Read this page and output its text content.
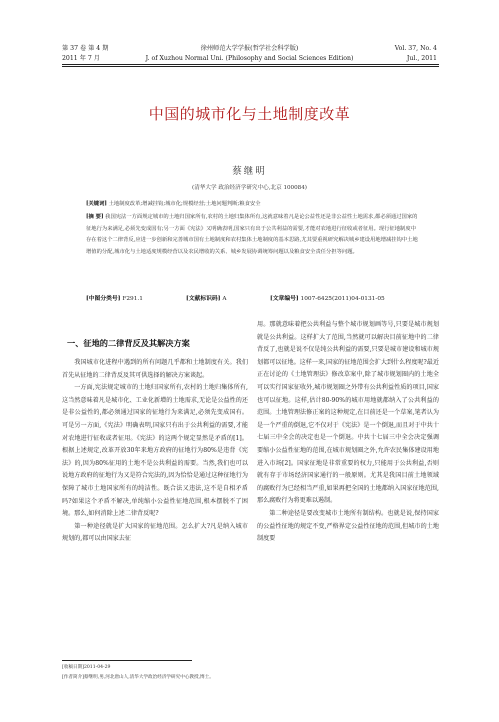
第 37 卷 第 4 期
2011 年 7 月
徐州师范大学学报(哲学社会科学版)
J. of Xuzhou Normal Uni. (Philosophy and Social Sciences Edition)
Vol. 37, No. 4
Jul., 2011
中国的城市化与土地制度改革
蔡继明
(清华大学 政治经济学研究中心,北京 100084)
[关键词] 土地制度改革;增减挂钩;城市化;规模经营;土地问题判断;粮食安全
[摘 要] 我国宪法一方面规定城市的土地归国家所有,农村的土地归集体所有,这就意味着凡是论公益性还是非公益性土地需求,都必须通过国家的征地行为来满足,必须先变成国有;另一方面《宪法》又明确表明,国家只有出于公共利益的需要,才能对农地进行征收或者征用。现行征地制度中存在着这个二律背反,应进一步创新和完善城市国有土地制度和农村集体土地制度的基本思路,尤其要重视研究解决城乡建设用地增减挂钩中土地增值的分配,城市化与土地适度规模经营以及农民增收的关系、城乡发展协调统筹问题以及粮食安全责任分担等问题。
[中图分类号] F291.1	[文献标识码] A	[文章编号] 1007-6425(2011)04-0131-05
一、征地的二律背反及其解决方案

我国城市化进程中遇到的所有问题几乎都和土地制度有关。我们首先从征地的二律背反及其可供选择的解决方案谈起。

一方面,宪法规定城市的土地归国家所有,农村的土地归集体所有,这当然意味着凡是城市化、工业化新增的土地需求,无论是公益性的还是非公益性的,都必须通过国家的征地行为来满足,必须先变成国有。可是另一方面,《宪法》明确表明,国家只有出于公共利益的需要,才能对农地进行征收或者征用。《宪法》的这两个规定显然是矛盾的[1]。根据上述规定,改革开放30年来地方政府的征地行为80%是违背《宪法》的,因为80%征用的土地不是公共利益的需要。当然,我们也可以说地方政府的征地行为又是符合宪法的,因为恰恰是通过这种征地行为保障了城市土地国家所有的纯洁性。既合法又违法,这不是自相矛盾吗?如果这个矛盾不解决,单纯缩小公益性征地范围,根本摆脱不了困境。那么,如何消除上述二律背反呢?

第一种途径就是扩大国家的征地范围。怎么扩大?凡是纳入城市规划的,都可以由国家去征

用。那就意味着把公共利益与整个城市规划画等号,只要是城市规划就是公共利益。这样扩大了范围,当然就可以解决目前征地中的二律背反了,也就是说不仅是纯公共利益的需要,只要是城市建设和城市规划都可以征地。这样一来,国家的征地范围会扩大到什么程度呢?最近正在讨论的《土地管理法》修改草案中,除了城市规划圈内的土地全可以实行国家征收外,城市规划圈之外带有公共利益性质的项目,国家也可以征地。这样,估计80-90%的城市用地就都纳入了公共利益的范围。土地管理法修正案的这种规定,在目前还是一个草案,笔者认为是一个严重的倒退,它不仅对于《宪法》是一个倒退,而且对于中共十七届三中全会的决定也是一个倒退。中共十七届三中全会决定强调要缩小公益性征地的范围,在城市规划圈之外,允许农民集体建设用地进入市场[2]。国家征地是非常重要的权力,只能用于公共利益,否则就有存于市场经济国家通行的一般原则。尤其是我国目前土地领域的腐败行为已经相当严重,如果再把全国的土地都纳入国家征地范围,那么腐败行为将更难以遏制。

第二种途径是要改变城市土地所有制结构。也就是说,保持国家的公益性征地的规定不变,严格界定公益性征地的范围,但城市的土地制度要

[收稿日期]2011-04-29
[作者简介]蔡继明,男,河北唐山人,清华大学政治经济学研究中心教授,博士。
